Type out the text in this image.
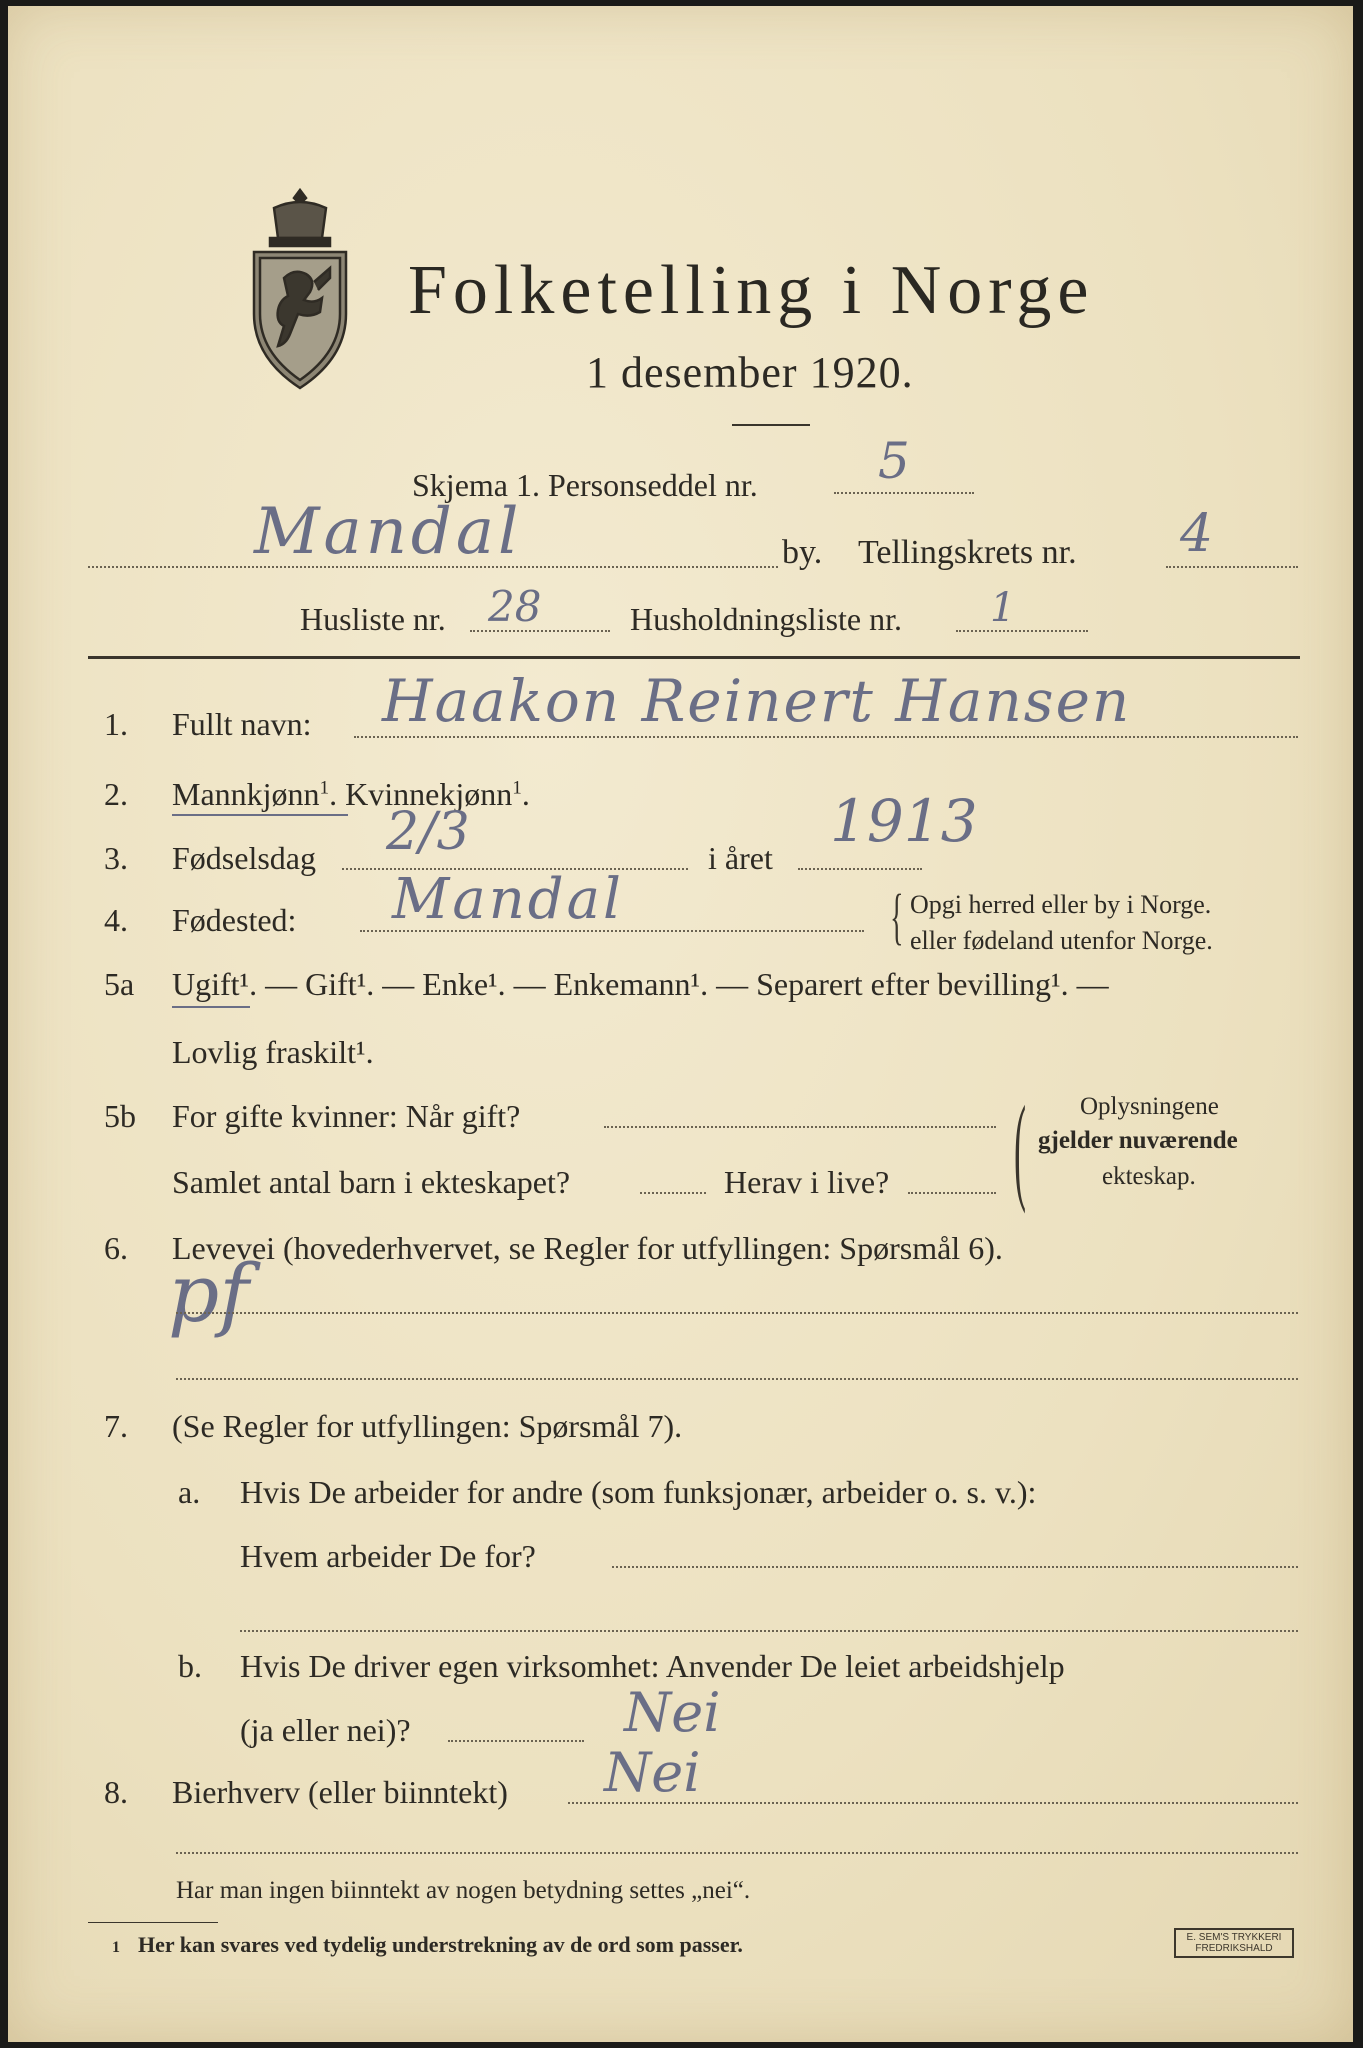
Folketelling i Norge
1 desember 1920.
Skjema 1. Personseddel nr. 5
Mandal	by. Tellingskrets nr. 4
Husliste nr. 28	Husholdningsliste nr. 1
1. Fullt navn: Haakon Reinert Hansen
2. Mannkjønn$^1$. Kvinnekjønn$^1$.
3. Fødselsdag 2/3	i året
1913
4. Fødested: Mandal	{ Opgi herred eller by i Norge.
eller fødeland utenfor Norge.
5a Ugift¹. — Gift¹. — Enke¹. — Enkemann¹. — Separert efter bevilling¹. —
Lovlig fraskilt¹.
5b For gifte kvinner: Når gift?
Samlet antal barn i ekteskapet?	Herav i live? ( Oplysningene
gjelder nuværende
ekteskap.
6. Levevei (hovederhvervet, se Regler for utfyllingen: Spørsmål 6).
pf
7. (Se Regler for utfyllingen: Spørsmål 7).
a. Hvis De arbeider for andre (som funksjonær, arbeider o. s. v.):
Hvem arbeider De for?
b. Hvis De driver egen virksomhet: Anvender De leiet arbeidshjelp
(ja eller nei)?	Nei
8. Bierhverv (eller biinntekt) Nei
Har man ingen biinntekt av nogen betydning settes „nei“.
1 Her kan svares ved tydelig understrekning av de ord som passer.	E. SEM'S TRYKKERI
FREDRIKSHALD
